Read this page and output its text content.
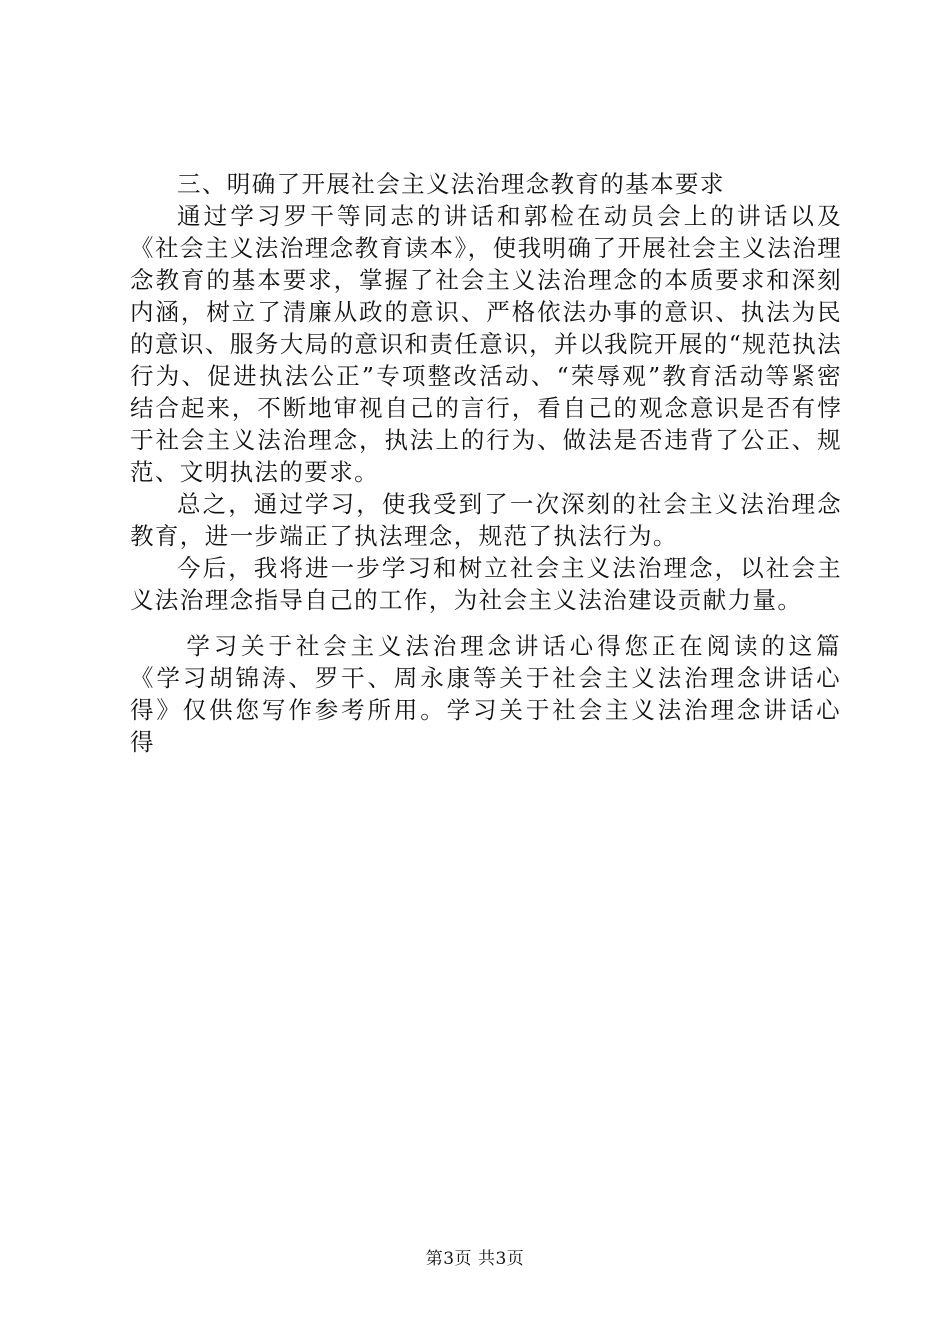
三、明确了开展社会主义法治理念教育的基本要求

通过学习罗干等同志的讲话和郭检在动员会上的讲话以及《社会主义法治理念教育读本》，使我明确了开展社会主义法治理念教育的基本要求，掌握了社会主义法治理念的本质要求和深刻内涵，树立了清廉从政的意识、严格依法办事的意识、执法为民的意识、服务大局的意识和责任意识，并以我院开展的“规范执法行为、促进执法公正”专项整改活动、“荣辱观”教育活动等紧密结合起来，不断地审视自己的言行，看自己的观念意识是否有悖于社会主义法治理念，执法上的行为、做法是否违背了公正、规范、文明执法的要求。

总之，通过学习，使我受到了一次深刻的社会主义法治理念教育，进一步端正了执法理念，规范了执法行为。

今后，我将进一步学习和树立社会主义法治理念，以社会主义法治理念指导自己的工作，为社会主义法治建设贡献力量。

学习关于社会主义法治理念讲话心得您正在阅读的这篇《学习胡锦涛、罗干、周永康等关于社会主义法治理念讲话心得》仅供您写作参考所用。学习关于社会主义法治理念讲话心得

第3页 共3页
